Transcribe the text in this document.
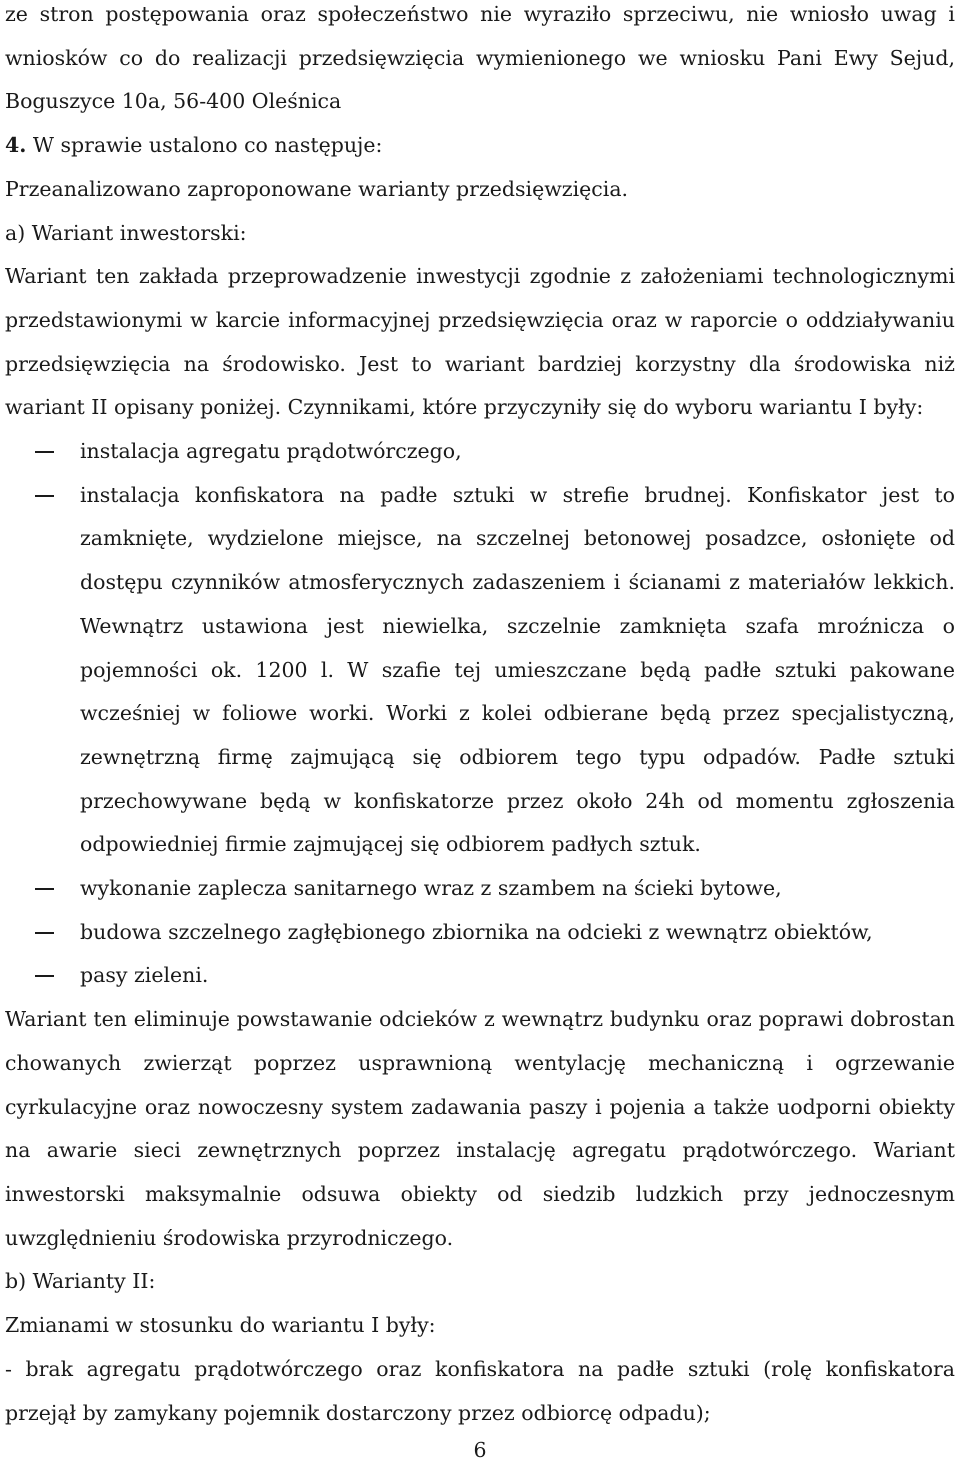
ze stron postępowania oraz społeczeństwo nie wyraziło sprzeciwu, nie wniosło uwag i wniosków co do realizacji przedsięwzięcia wymienionego we wniosku Pani Ewy Sejud, Boguszyce 10a, 56-400 Oleśnica

4. W sprawie ustalono co następuje:

Przeanalizowano zaproponowane warianty przedsięwzięcia.

a) Wariant inwestorski:

Wariant ten zakłada przeprowadzenie inwestycji zgodnie z założeniami technologicznymi przedstawionymi w karcie informacyjnej przedsięwzięcia oraz w raporcie o oddziaływaniu przedsięwzięcia na środowisko. Jest to wariant bardziej korzystny dla środowiska niż wariant II opisany poniżej. Czynnikami, które przyczyniły się do wyboru wariantu I były:

instalacja agregatu prądotwórczego,

instalacja konfiskatora na padłe sztuki w strefie brudnej. Konfiskator jest to zamknięte, wydzielone miejsce, na szczelnej betonowej posadzce, osłonięte od dostępu czynników atmosferycznych zadaszeniem i ścianami z materiałów lekkich. Wewnątrz ustawiona jest niewielka, szczelnie zamknięta szafa mroźnicza o pojemności ok. 1200 l. W szafie tej umieszczane będą padłe sztuki pakowane wcześniej w foliowe worki. Worki z kolei odbierane będą przez specjalistyczną, zewnętrzną firmę zajmującą się odbiorem tego typu odpadów. Padłe sztuki przechowywane będą w konfiskatorze przez około 24h od momentu zgłoszenia odpowiedniej firmie zajmującej się odbiorem padłych sztuk.

wykonanie zaplecza sanitarnego wraz z szambem na ścieki bytowe,

budowa szczelnego zagłębionego zbiornika na odcieki z wewnątrz obiektów,

pasy zieleni.

Wariant ten eliminuje powstawanie odcieków z wewnątrz budynku oraz poprawi dobrostan chowanych zwierząt poprzez usprawnioną wentylację mechaniczną i ogrzewanie cyrkulacyjne oraz nowoczesny system zadawania paszy i pojenia a także uodporni obiekty na awarie sieci zewnętrznych poprzez instalację agregatu prądotwórczego. Wariant inwestorski maksymalnie odsuwa obiekty od siedzib ludzkich przy jednoczesnym uwzględnieniu środowiska przyrodniczego.

b) Warianty II:

Zmianami w stosunku do wariantu I były:

- brak agregatu prądotwórczego oraz konfiskatora na padłe sztuki (rolę konfiskatora przejął by zamykany pojemnik dostarczony przez odbiorcę odpadu);

6
